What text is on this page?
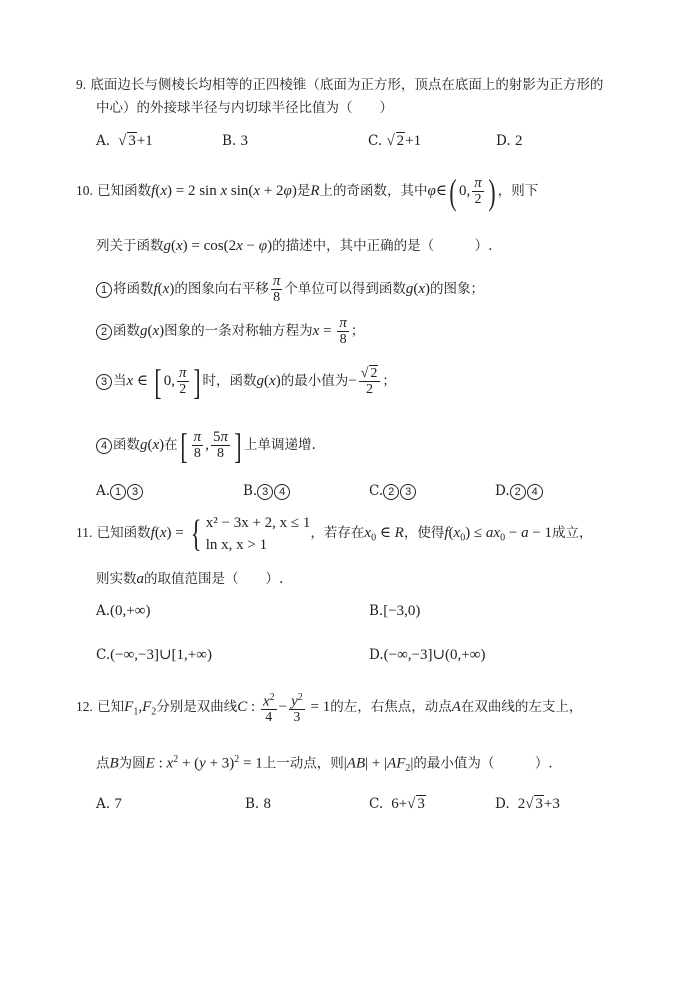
9. 底面边长与侧棱长均相等的正四棱锥（底面为正方形，顶点在底面上的射影为正方形的
中心）的外接球半径与内切球半径比值为（　　）
A. √ 3+1	B. 3	C. √ 2+1	D. 2
10. 已知函数f(x) = 2 sin x sin(x + 2φ)是R上的奇函数，其中φ∈( 0, $\frac{\pi}{2}$ ) ，则下
列关于函数g(x) = cos(2x − φ)的描述中，其中正确的是（　　　）.
1 将函数f(x)的图象向右平移 $\frac{\pi}{8}$ 个单位可以得到函数g(x)的图象；
2 函数g(x)图象的一条对称轴方程为$x = \frac{\pi}{8}$ ；
3 当x ∈ [ 0, $\frac{\pi}{2}$ ] 时，函数g(x)的最小值为− $\frac{√ 2}{2}$ ；
4 函数g(x)在[ $\frac{\pi}{8}$ , $\frac{5\pi}{8}$ ] 上单调递增.
A. 1 3	B. 3 4	C. 2 3	D. 2 4
11. 已知函数f(x) = { x² − 3x + 2, x ≤ 1
ln x, x > 1
，若存在$x_0$ ∈ R，使得$f(x_0) \le ax_0 - a - 1$成立，
则实数a的取值范围是（　　）.
A.(0,+∞)	B.[−3,0)
C.(−∞,−3]∪[1,+∞)	D.(−∞,−3]∪(0,+∞)
12. 已知$F_1,F_2$分别是双曲线C : $\frac{x^2}{4} - \frac{y^2}{3} = 1$的左，右焦点，动点A在双曲线的左支上，
点B为圆E : $x^2 + (y + 3)^2 = 1$上一动点，则$|AB| + |AF_2|$的最小值为（　　　）.
A. 7	B. 8	C.  6+√ 3	D.  2√ 3+3
